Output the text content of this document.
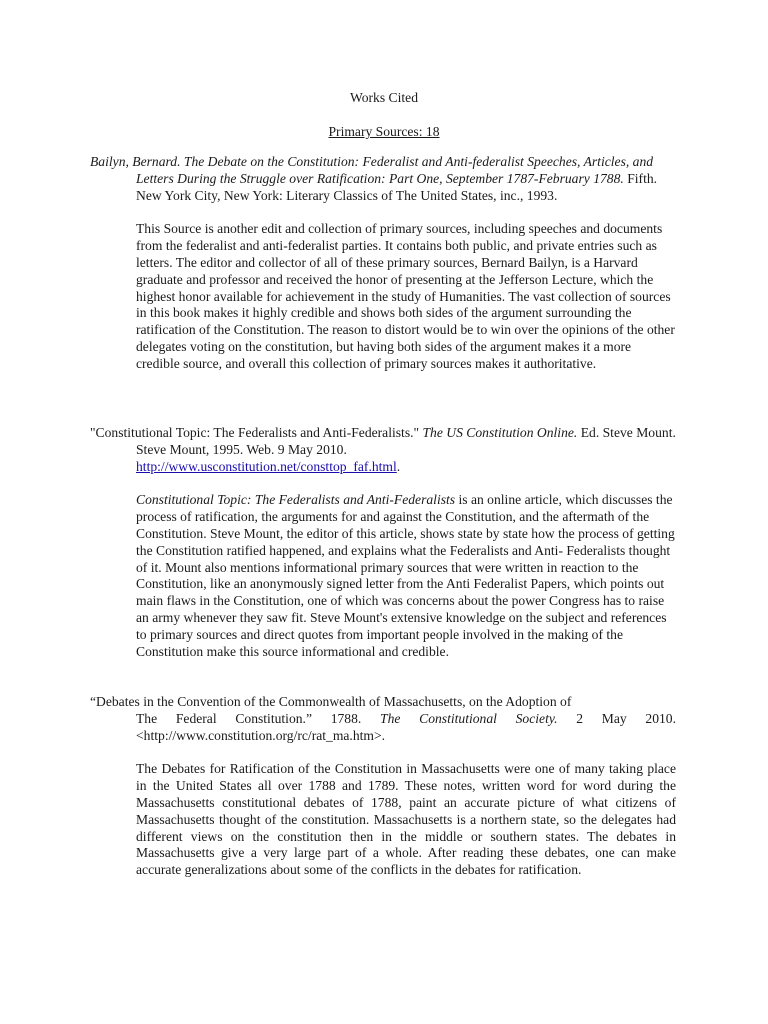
Works Cited
Primary Sources: 18
Bailyn, Bernard. The Debate on the Constitution: Federalist and Anti-federalist Speeches, Articles, and Letters During the Struggle over Ratification: Part One, September 1787-February 1788. Fifth. New York City, New York: Literary Classics of The United States, inc., 1993.
This Source is another edit and collection of primary sources, including speeches and documents from the federalist and anti-federalist parties. It contains both public, and private entries such as letters. The editor and collector of all of these primary sources, Bernard Bailyn, is a Harvard graduate and professor and received the honor of presenting at the Jefferson Lecture, which the highest honor available for achievement in the study of Humanities. The vast collection of sources in this book makes it highly credible and shows both sides of the argument surrounding the ratification of the Constitution. The reason to distort would be to win over the opinions of the other delegates voting on the constitution, but having both sides of the argument makes it a more credible source, and overall this collection of primary sources makes it authoritative.
"Constitutional Topic: The Federalists and Anti-Federalists." The US Constitution Online. Ed. Steve Mount. Steve Mount, 1995. Web. 9 May 2010.
http://www.usconstitution.net/consttop_faf.html.
Constitutional Topic: The Federalists and Anti-Federalists is an online article, which discusses the process of ratification, the arguments for and against the Constitution, and the aftermath of the Constitution. Steve Mount, the editor of this article, shows state by state how the process of getting the Constitution ratified happened, and explains what the Federalists and Anti- Federalists thought of it. Mount also mentions informational primary sources that were written in reaction to the Constitution, like an anonymously signed letter from the Anti Federalist Papers, which points out main flaws in the Constitution, one of which was concerns about the power Congress has to raise an army whenever they saw fit. Steve Mount's extensive knowledge on the subject and references to primary sources and direct quotes from important people involved in the making of the Constitution make this source informational and credible.
“Debates in the Convention of the Commonwealth of Massachusetts, on the Adoption of
The Federal Constitution.” 1788. The Constitutional Society. 2 May 2010.
<http://www.constitution.org/rc/rat_ma.htm>.
The Debates for Ratification of the Constitution in Massachusetts were one of many taking place in the United States all over 1788 and 1789. These notes, written word for word during the Massachusetts constitutional debates of 1788, paint an accurate picture of what citizens of Massachusetts thought of the constitution. Massachusetts is a northern state, so the delegates had different views on the constitution then in the middle or southern states. The debates in Massachusetts give a very large part of a whole. After reading these debates, one can make accurate generalizations about some of the conflicts in the debates for ratification.
